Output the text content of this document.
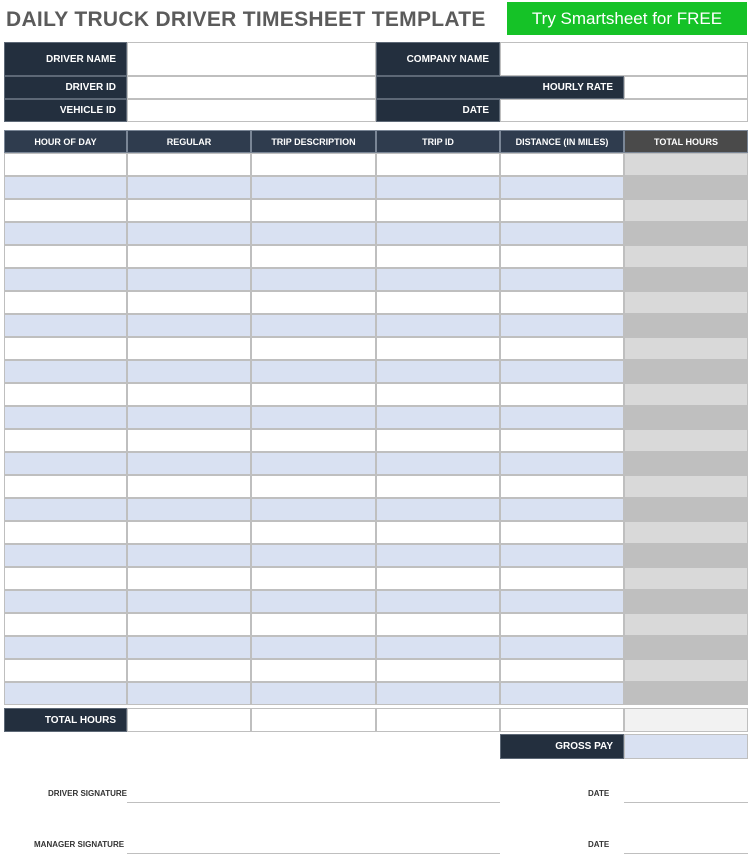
DAILY TRUCK DRIVER TIMESHEET TEMPLATE	Try Smartsheet for FREE
DRIVER NAME	COMPANY NAME
DRIVER ID	HOURLY RATE
VEHICLE ID	DATE
HOUR OF DAY	REGULAR	TRIP DESCRIPTION	TRIP ID	DISTANCE (IN MILES)	TOTAL HOURS
TOTAL HOURS
GROSS PAY
DRIVER SIGNATURE	DATE
MANAGER SIGNATURE	DATE
